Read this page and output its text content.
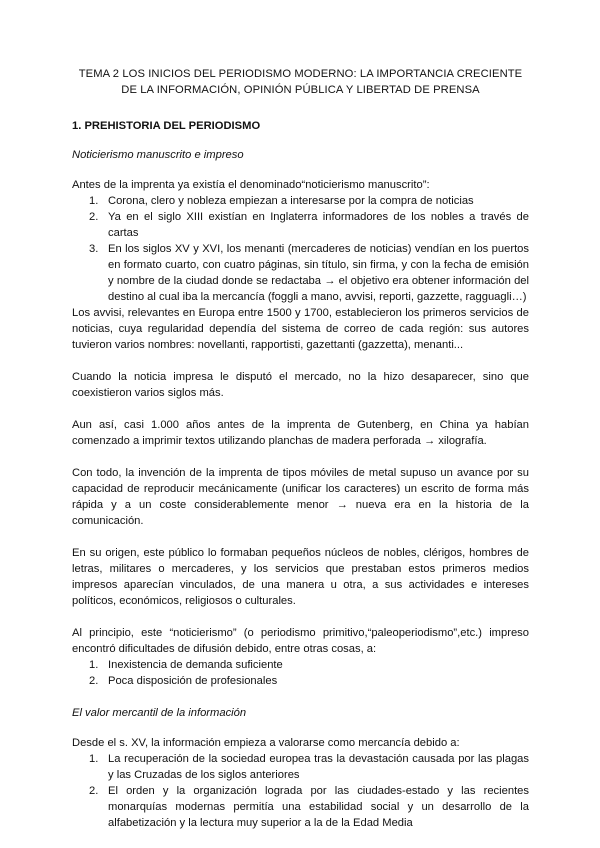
TEMA 2 LOS INICIOS DEL PERIODISMO MODERNO: LA IMPORTANCIA CRECIENTE DE LA INFORMACIÓN, OPINIÓN PÚBLICA Y LIBERTAD DE PRENSA
1. PREHISTORIA DEL PERIODISMO
Noticierismo manuscrito e impreso

Antes de la imprenta ya existía el denominado“noticierismo manuscrito”:

1. Corona, clero y nobleza empiezan a interesarse por la compra de noticias
2. Ya en el siglo XIII existían en Inglaterra informadores de los nobles a través de cartas
3. En los siglos XV y XVI, los menanti (mercaderes de noticias) vendían en los puertos en formato cuarto, con cuatro páginas, sin título, sin firma, y con la fecha de emisión y nombre de la ciudad donde se redactaba → el objetivo era obtener información del destino al cual iba la mercancía (foggli a mano, avvisi, reporti, gazzette, ragguagli…)

Los avvisi, relevantes en Europa entre 1500 y 1700, establecieron los primeros servicios de noticias, cuya regularidad dependía del sistema de correo de cada región: sus autores tuvieron varios nombres: novellanti, rapportisti, gazettanti (gazzetta), menanti...

Cuando la noticia impresa le disputó el mercado, no la hizo desaparecer, sino que coexistieron varios siglos más.

Aun así, casi 1.000 años antes de la imprenta de Gutenberg, en China ya habían comenzado a imprimir textos utilizando planchas de madera perforada → xilografía.

Con todo, la invención de la imprenta de tipos móviles de metal supuso un avance por su capacidad de reproducir mecánicamente (unificar los caracteres) un escrito de forma más rápida y a un coste considerablemente menor → nueva era en la historia de la comunicación.

En su origen, este público lo formaban pequeños núcleos de nobles, clérigos, hombres de letras, militares o mercaderes, y los servicios que prestaban estos primeros medios impresos aparecían vinculados, de una manera u otra, a sus actividades e intereses políticos, económicos, religiosos o culturales.

Al principio, este “noticierismo” (o periodismo primitivo,“paleoperiodismo”,etc.) impreso encontró dificultades de difusión debido, entre otras cosas, a:

1. Inexistencia de demanda suficiente
2. Poca disposición de profesionales
El valor mercantil de la información

Desde el s. XV, la información empieza a valorarse como mercancía debido a:

1. La recuperación de la sociedad europea tras la devastación causada por las plagas y las Cruzadas de los siglos anteriores
2. El orden y la organización lograda por las ciudades-estado y las recientes monarquías modernas permitía una estabilidad social y un desarrollo de la alfabetización y la lectura muy superior a la de la Edad Media
